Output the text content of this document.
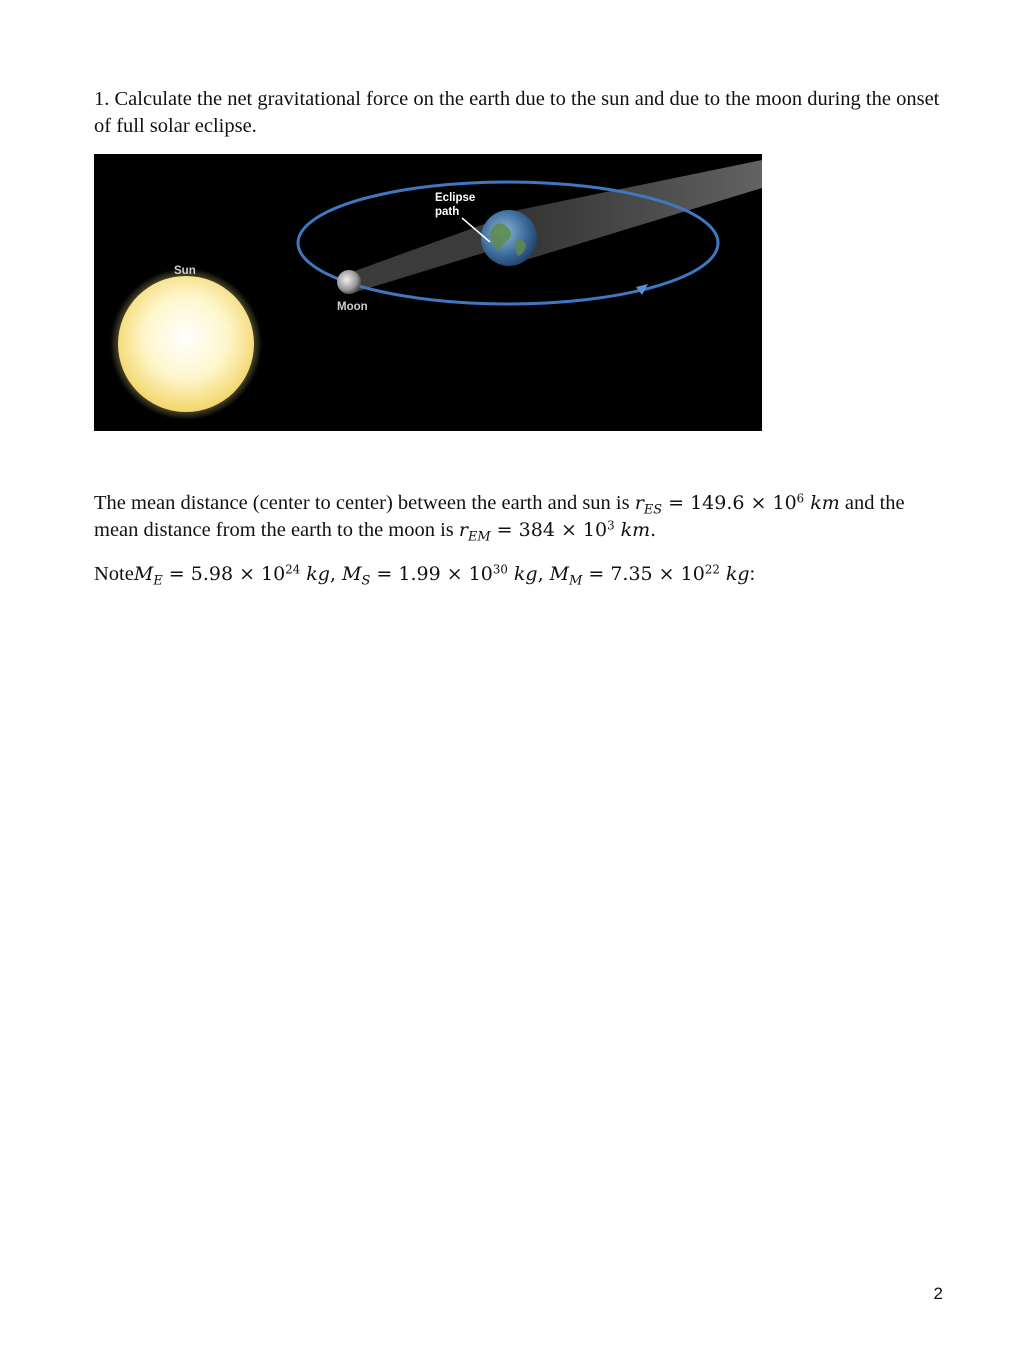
1. Calculate the net gravitational force on the earth due to the sun and due to the moon during the onset of full solar eclipse.

Eclipse
path
Sun
Moon

The mean distance (center to center) between the earth and sun is $r_{ES} = 149.6 \times 10^6$ km and the mean distance from the earth to the moon is $r_{EM} = 384 \times 10^3$ km.

NoteM$_E$ = $5.98 \times 10^{24}$ kg, $M_S = 1.99 \times 10^{30}$ kg, $M_M = 7.35 \times 10^{22}$ kg:

2
